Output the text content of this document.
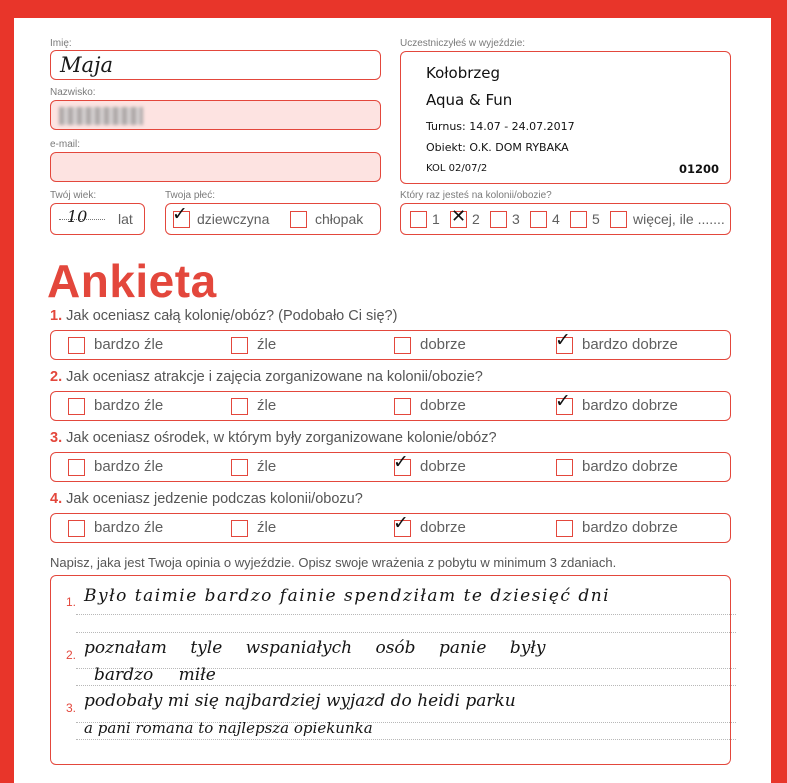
Imię:
Maja
Nazwisko:
e-mail:
Twój wiek:
10 lat
Twoja płeć:
✓ dziewczyna	chłopak
Uczestniczyłeś w wyjeździe:
Kołobrzeg
Aqua & Fun
Turnus: 14.07 - 24.07.2017
Obiekt: O.K. DOM RYBAKA
KOL 02/07/2	01200
Który raz jesteś na kolonii/obozie?
1 ✕ 2 3 4 5 więcej, ile .......
Ankieta
1. Jak oceniasz całą kolonię/obóz? (Podobało Ci się?)
bardzo źle	źle	dobrze	✓ bardzo dobrze
2. Jak oceniasz atrakcje i zajęcia zorganizowane na kolonii/obozie?
bardzo źle	źle	dobrze	✓ bardzo dobrze
3. Jak oceniasz ośrodek, w którym były zorganizowane kolonie/obóz?
bardzo źle	źle	✓ dobrze	bardzo dobrze
4. Jak oceniasz jedzenie podczas kolonii/obozu?
bardzo źle	źle	✓ dobrze	bardzo dobrze
Napisz, jaka jest Twoja opinia o wyjeździe. Opisz swoje wrażenia z pobytu w minimum 3 zdaniach.
1. Było taimie bardzo fainie spendziłam te dziesięć dni
2. poznałam tyle wspaniałych osób panie były
bardzo miłe
3. podobały mi się najbardziej wyjazd do heidi parku
a pani romana to najlepsza opiekunka
